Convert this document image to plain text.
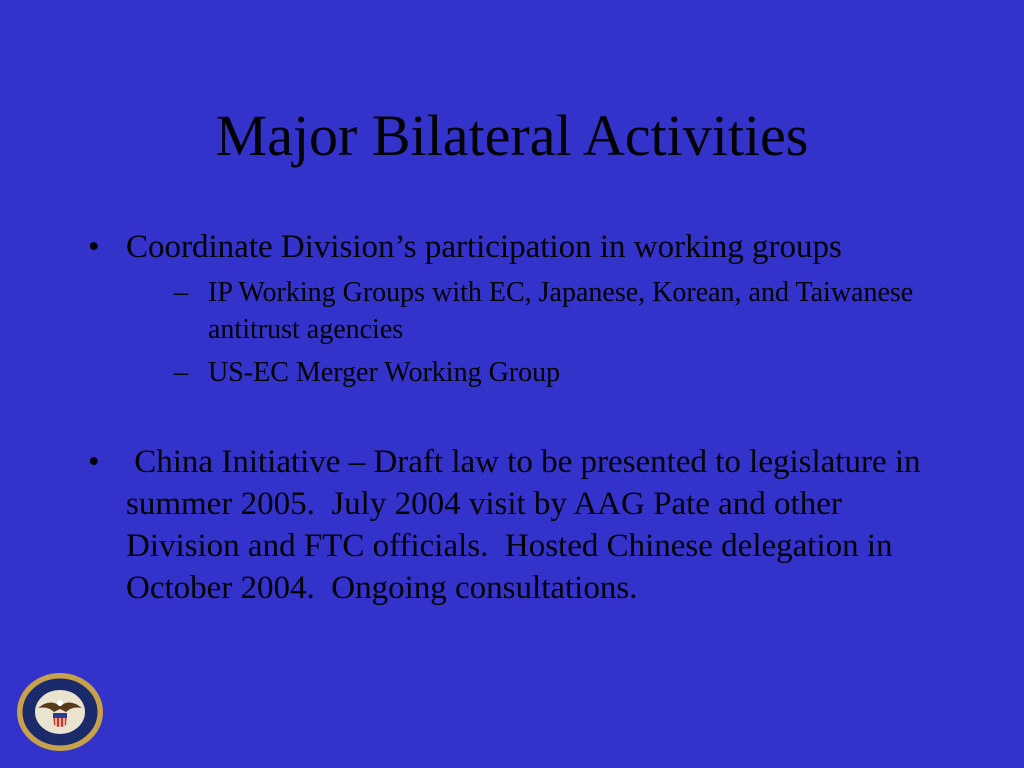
Major Bilateral Activities
• Coordinate Division’s participation in working groups
– IP Working Groups with EC, Japanese, Korean, and Taiwanese antitrust agencies
– US-EC Merger Working Group
• China Initiative – Draft law to be presented to legislature in summer 2005.  July 2004 visit by AAG Pate and other Division and FTC officials.  Hosted Chinese delegation in October 2004.  Ongoing consultations.
